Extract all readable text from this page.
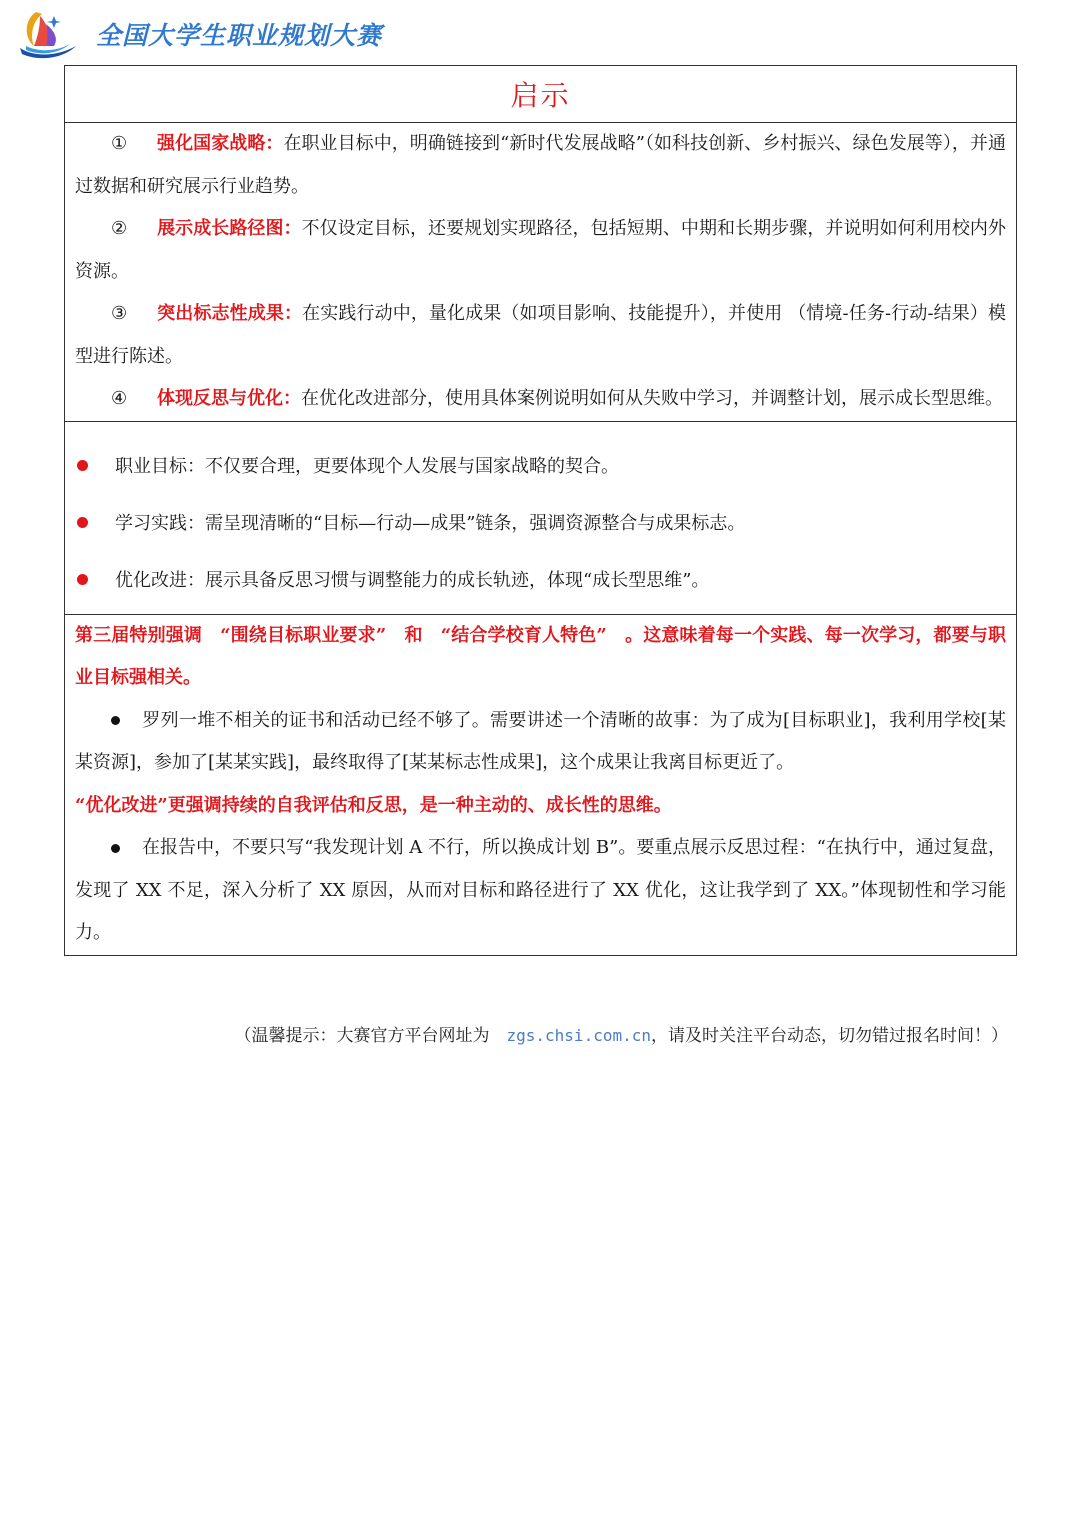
全国大学生职业规划大赛
启示

① 强化国家战略：在职业目标中，明确链接到“新时代发展战略”（如科技创新、乡村振兴、绿色发展等），并通过数据和研究展示行业趋势。

② 展示成长路径图：不仅设定目标，还要规划实现路径，包括短期、中期和长期步骤，并说明如何利用校内外资源。

③ 突出标志性成果：在实践行动中，量化成果（如项目影响、技能提升），并使用 （情境-任务-行动-结果）模型进行陈述。

④ 体现反思与优化：在优化改进部分，使用具体案例说明如何从失败中学习，并调整计划，展示成长型思维。

职业目标：不仅要合理，更要体现个人发展与国家战略的契合。
学习实践：需呈现清晰的“目标—行动—成果”链条，强调资源整合与成果标志。
优化改进：展示具备反思习惯与调整能力的成长轨迹，体现“成长型思维”。
第三届特别强调　“围绕目标职业要求”　和　“结合学校育人特色”　。这意味着每一个实践、每一次学习，都要与职业目标强相关。
罗列一堆不相关的证书和活动已经不够了。需要讲述一个清晰的故事：为了成为[目标职业]，我利用学校[某某资源]，参加了[某某实践]，最终取得了[某某标志性成果]，这个成果让我离目标更近了。
“优化改进”更强调持续的自我评估和反思，是一种主动的、成长性的思维。
在报告中，不要只写“我发现计划 A 不行，所以换成计划 B”。要重点展示反思过程：“在执行中，通过复盘，发现了 XX 不足，深入分析了 XX 原因，从而对目标和路径进行了 XX 优化，这让我学到了 XX。”体现韧性和学习能力。
（温馨提示：大赛官方平台网址为　zgs.chsi.com.cn，请及时关注平台动态，切勿错过报名时间！）
